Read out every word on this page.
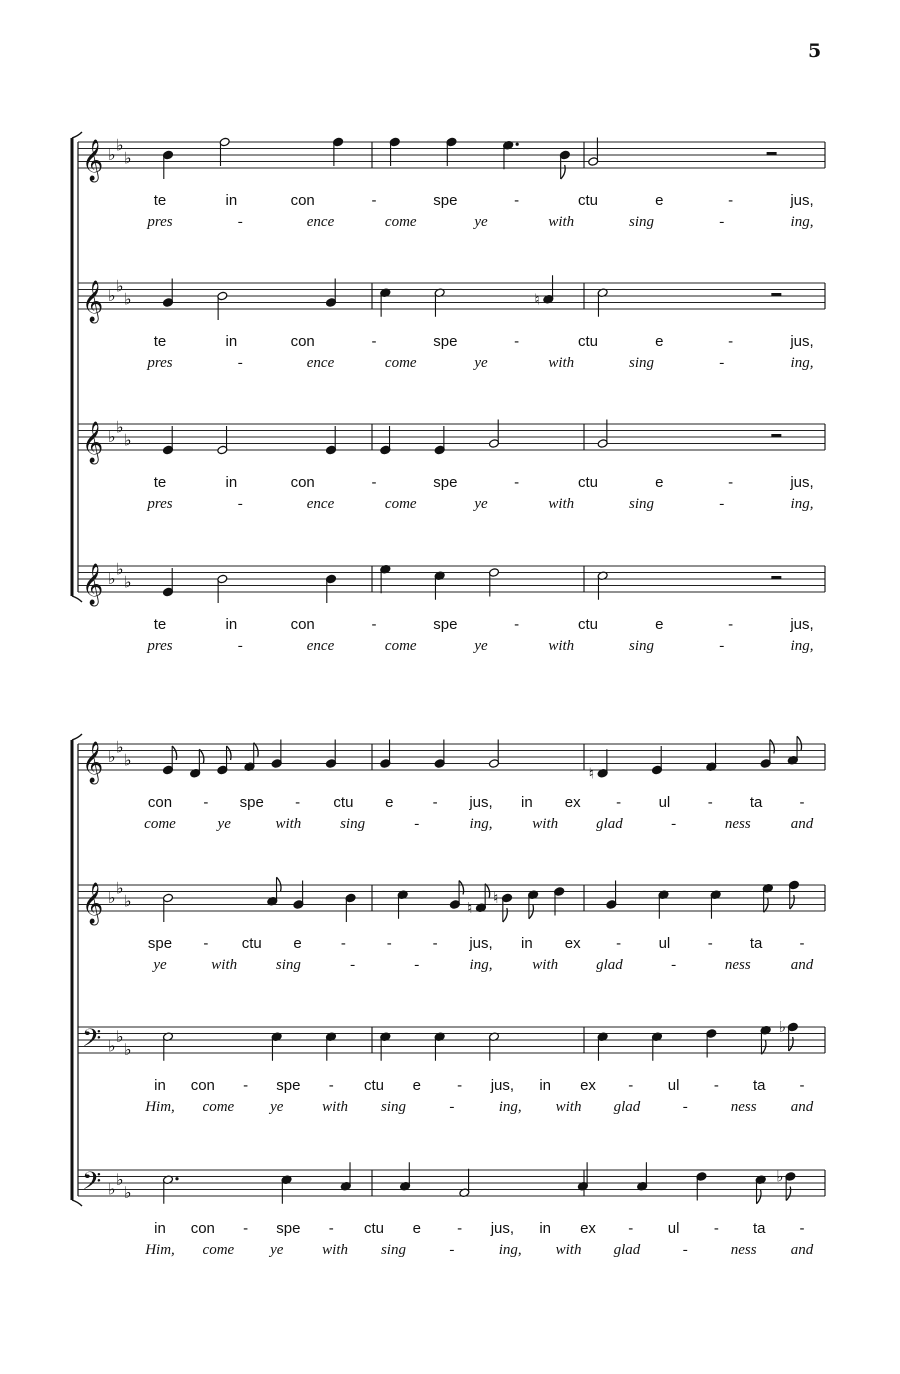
5
𝄞 ♭
♭
♭
te	in	con	-	spe	-	ctu	e	-	jus,
pres	-	ence	come	ye	with	sing	-	ing,
𝄞 ♭
♭
♭	♮
te	in	con	-	spe	-	ctu	e	-	jus,
pres	-	ence	come	ye	with	sing	-	ing,
𝄞 ♭
♭
♭
te	in	con	-	spe	-	ctu	e	-	jus,
pres	-	ence	come	ye	with	sing	-	ing,
𝄞 ♭
♭
♭
te	in	con	-	spe	-	ctu	e	-	jus,
pres	-	ence	come	ye	with	sing	-	ing,
𝄞 ♭
♭
♭
♮
con - spe - ctu e	- jus, in ex -	ul	- ta -
come	ye	with	sing	-	ing,	with	glad	-	ness	and
𝄞 ♭
♭
♭	♮
♮
spe - ctu e	-	-	- jus, in ex -	ul	- ta -
ye	with	sing	-	-	ing,	with	glad	-	ness	and
𝄢 ♭
♭
♭
♭
in con - spe - ctu e - jus, in ex - ul - ta -
Him, come ye	with sing	-	ing, with glad	-	ness and
𝄢 ♭
♭
♭
♭
in con - spe - ctu e - jus, in ex - ul - ta -
Him, come ye	with sing	-	ing, with glad	-	ness and
